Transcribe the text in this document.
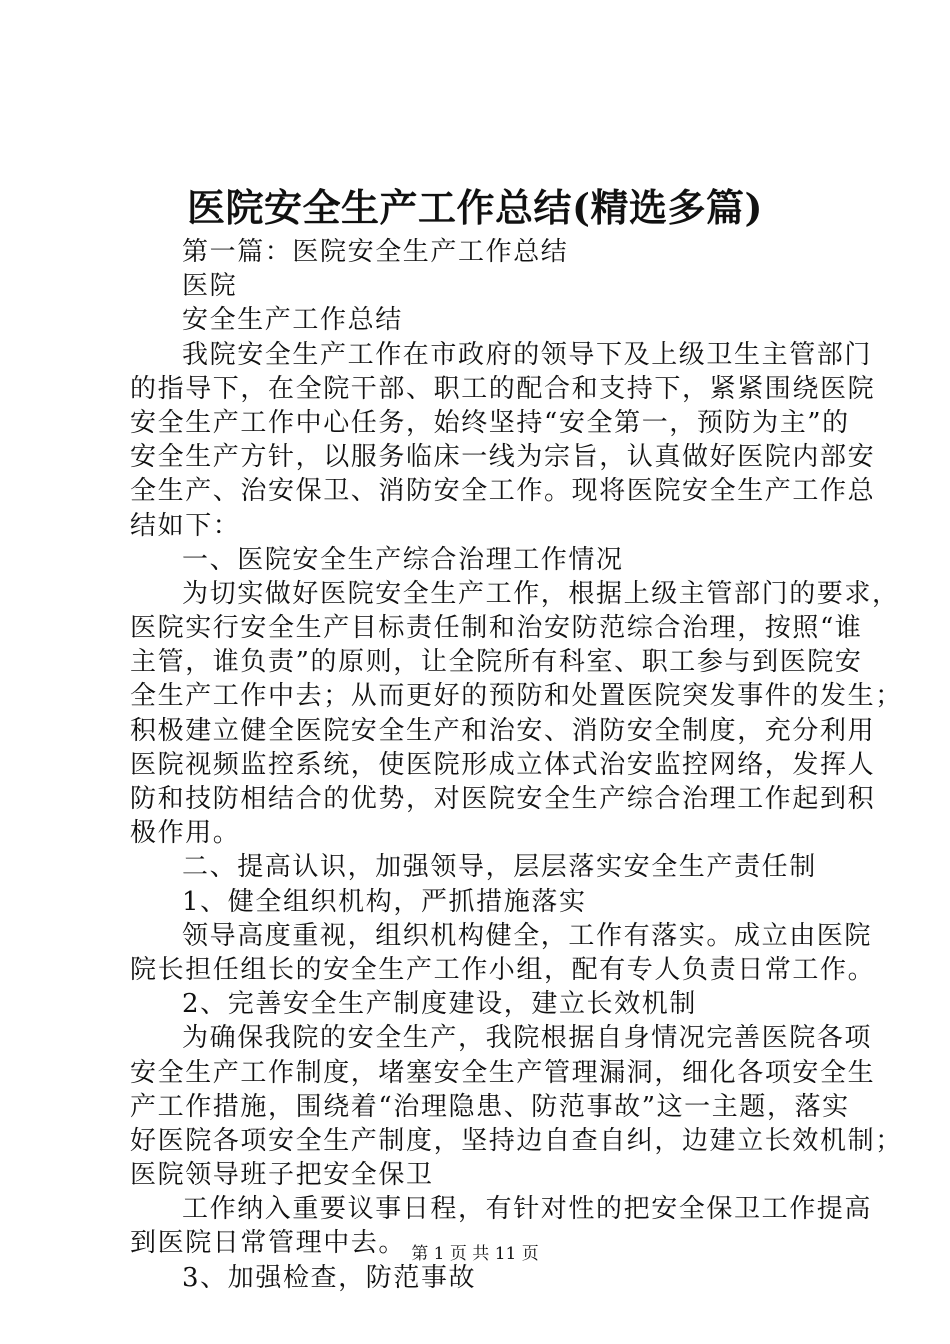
医院安全生产工作总结(精选多篇)
第一篇：医院安全生产工作总结
医院
安全生产工作总结
我院安全生产工作在市政府的领导下及上级卫生主管部门
的指导下，在全院干部、职工的配合和支持下，紧紧围绕医院
安全生产工作中心任务，始终坚持“安全第一，预防为主”的
安全生产方针，以服务临床一线为宗旨，认真做好医院内部安
全生产、治安保卫、消防安全工作。现将医院安全生产工作总
结如下：
一、医院安全生产综合治理工作情况
为切实做好医院安全生产工作，根据上级主管部门的要求，
医院实行安全生产目标责任制和治安防范综合治理，按照“谁
主管，谁负责”的原则，让全院所有科室、职工参与到医院安
全生产工作中去；从而更好的预防和处置医院突发事件的发生；
积极建立健全医院安全生产和治安、消防安全制度，充分利用
医院视频监控系统，使医院形成立体式治安监控网络，发挥人
防和技防相结合的优势，对医院安全生产综合治理工作起到积
极作用。
二、提高认识，加强领导，层层落实安全生产责任制
1、健全组织机构，严抓措施落实
领导高度重视，组织机构健全，工作有落实。成立由医院
院长担任组长的安全生产工作小组，配有专人负责日常工作。
2、完善安全生产制度建设，建立长效机制
为确保我院的安全生产，我院根据自身情况完善医院各项
安全生产工作制度，堵塞安全生产管理漏洞，细化各项安全生
产工作措施，围绕着“治理隐患、防范事故”这一主题，落实
好医院各项安全生产制度，坚持边自查自纠，边建立长效机制；
医院领导班子把安全保卫
工作纳入重要议事日程，有针对性的把安全保卫工作提高
到医院日常管理中去。
3、加强检查，防范事故
第 1 页 共 11 页
